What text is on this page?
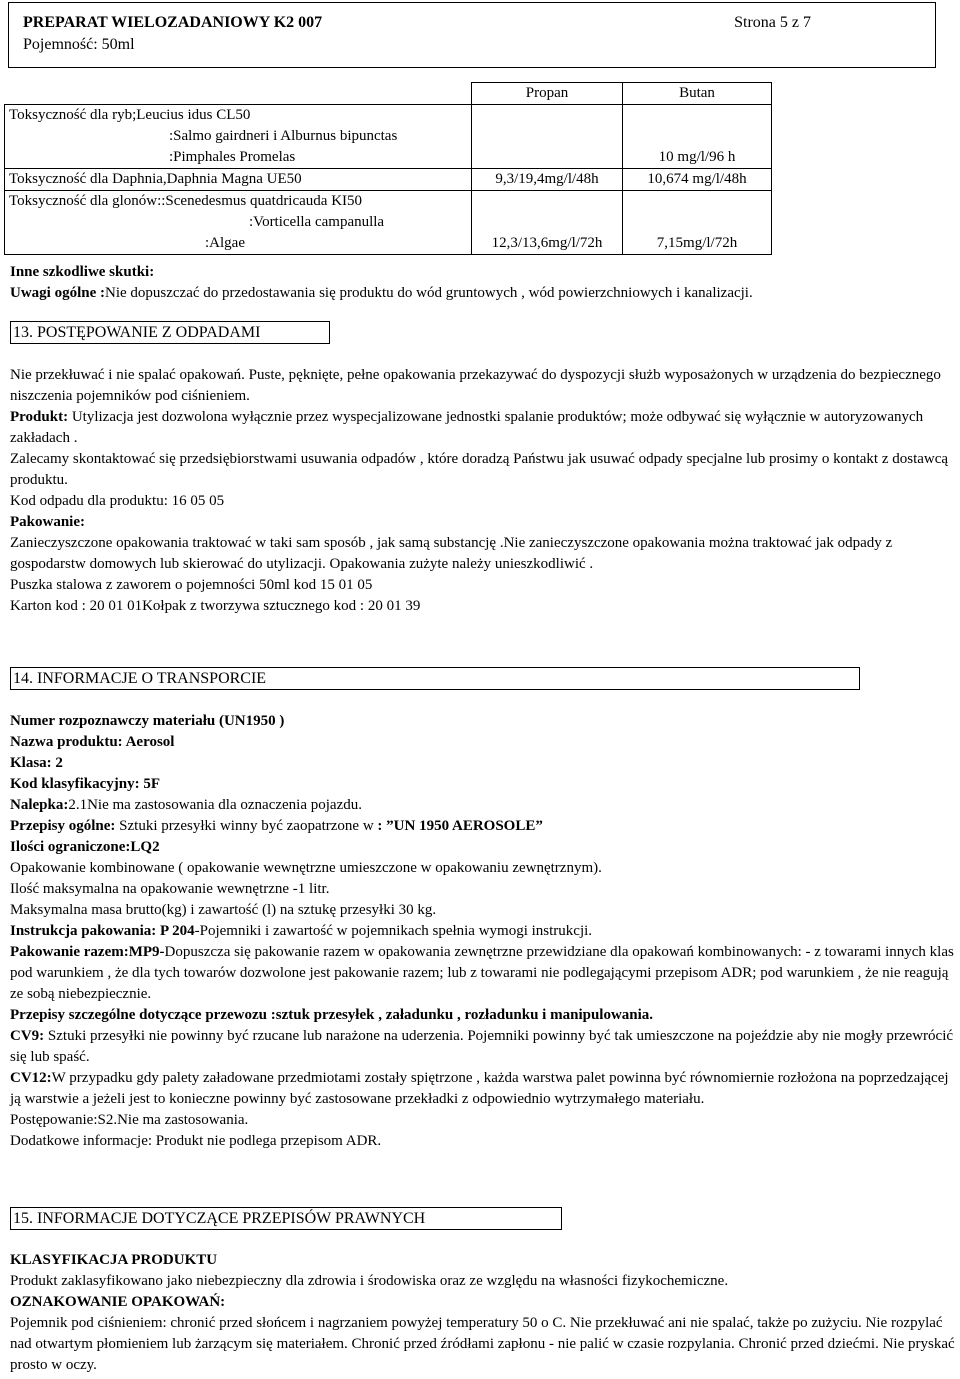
PREPARAT WIELOZADANIOWY K2 007
Pojemność: 50ml
Strona 5 z 7
	Propan	Butan

Toksyczność dla ryb;Leucius idus CL50
:Salmo gairdneri i Alburnus bipunctas
:Pimphales Promelas		10 mg/l/96 h
Toksyczność dla Daphnia,Daphnia Magna UE50	9,3/19,4mg/l/48h	10,674 mg/l/48h

Toksyczność dla glonów::Scenedesmus quatdricauda KI50
:Vorticella campanulla
:Algae	12,3/13,6mg/l/72h	7,15mg/l/72h
Inne szkodliwe skutki:
Uwagi ogólne :Nie dopuszczać do przedostawania się produktu do wód gruntowych , wód powierzchniowych i kanalizacji.
13. POSTĘPOWANIE Z ODPADAMI

Nie przekłuwać i nie spalać opakowań. Puste, pęknięte, pełne opakowania przekazywać do dyspozycji służb wyposażonych w urządzenia do bezpiecznego niszczenia pojemników pod ciśnieniem.

Produkt: Utylizacja jest dozwolona wyłącznie przez wyspecjalizowane jednostki spalanie produktów; może odbywać się wyłącznie w autoryzowanych zakładach .

Zalecamy skontaktować się przedsiębiorstwami usuwania odpadów , które doradzą Państwu jak usuwać odpady specjalne lub prosimy o kontakt z dostawcą produktu.

Kod odpadu dla produktu: 16 05 05

Pakowanie:

Zanieczyszczone opakowania traktować w taki sam sposób , jak samą substancję .Nie zanieczyszczone opakowania można traktować jak odpady z gospodarstw domowych lub skierować do utylizacji. Opakowania zużyte należy unieszkodliwić .

Puszka stalowa z zaworem o pojemności 50ml kod 15 01 05

Karton kod : 20 01 01Kołpak z tworzywa sztucznego kod : 20 01 39

14. INFORMACJE O TRANSPORCIE

Numer rozpoznawczy materiału (UN1950 )

Nazwa produktu: Aerosol

Klasa: 2

Kod klasyfikacyjny: 5F

Nalepka:2.1Nie ma zastosowania dla oznaczenia pojazdu.

Przepisy ogólne: Sztuki przesyłki winny być zaopatrzone w : ”UN 1950 AEROSOLE”

Ilości ograniczone:LQ2

Opakowanie kombinowane ( opakowanie wewnętrzne umieszczone w opakowaniu zewnętrznym).

Ilość maksymalna na opakowanie wewnętrzne -1 litr.

Maksymalna masa brutto(kg) i zawartość (l) na sztukę przesyłki 30 kg.

Instrukcja pakowania: P 204-Pojemniki i zawartość w pojemnikach spełnia wymogi instrukcji.

Pakowanie razem:MP9-Dopuszcza się pakowanie razem w opakowania zewnętrzne przewidziane dla opakowań kombinowanych: - z towarami innych klas pod warunkiem , że dla tych towarów dozwolone jest pakowanie razem; lub z towarami nie podlegającymi przepisom ADR; pod warunkiem , że nie reagują ze sobą niebezpiecznie.

Przepisy szczególne dotyczące przewozu :sztuk przesyłek , załadunku , rozładunku i manipulowania.

CV9: Sztuki przesyłki nie powinny być rzucane lub narażone na uderzenia. Pojemniki powinny być tak umieszczone na pojeździe aby nie mogły przewrócić się lub spaść.

CV12:W przypadku gdy palety załadowane przedmiotami zostały spiętrzone , każda warstwa palet powinna być równomiernie rozłożona na poprzedzającej ją warstwie a jeżeli jest to konieczne powinny być zastosowane przekładki z odpowiednio wytrzymałego materiału.

Postępowanie:S2.Nie ma zastosowania.

Dodatkowe informacje: Produkt nie podlega przepisom ADR.

15. INFORMACJE DOTYCZĄCE PRZEPISÓW PRAWNYCH

KLASYFIKACJA PRODUKTU

Produkt zaklasyfikowano jako niebezpieczny dla zdrowia i środowiska oraz ze względu na własności fizykochemiczne.

OZNAKOWANIE OPAKOWAŃ:

Pojemnik pod ciśnieniem: chronić przed słońcem i nagrzaniem powyżej temperatury 50 o C. Nie przekłuwać ani nie spalać, także po zużyciu. Nie rozpylać nad otwartym płomieniem lub żarzącym się materiałem. Chronić przed źródłami zapłonu - nie palić w czasie rozpylania. Chronić przed dziećmi. Nie pryskać prosto w oczy.
